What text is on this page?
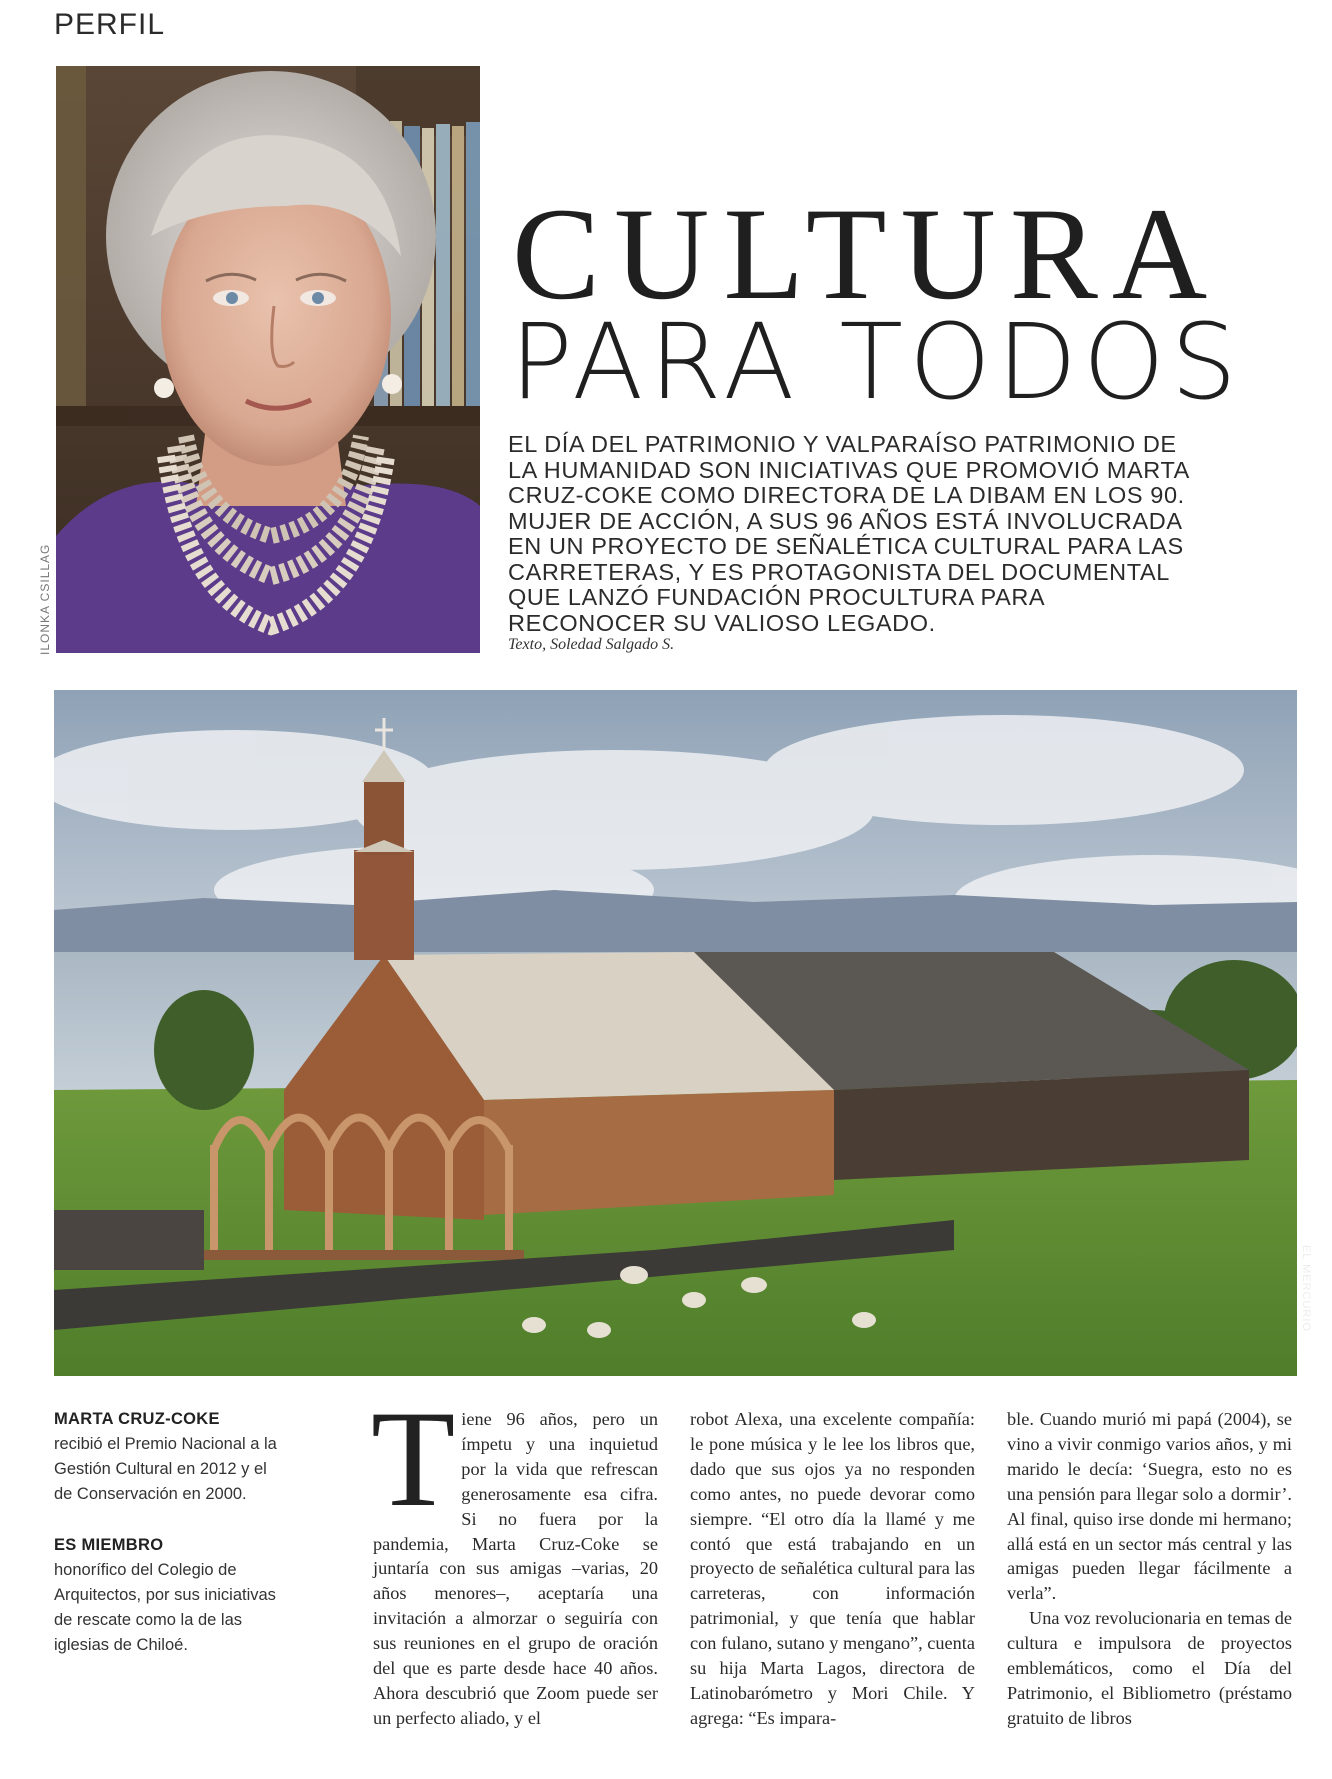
PERFIL
ILONKA CSILLAG
CULTURA
PARA TODOS
EL DÍA DEL PATRIMONIO Y VALPARAÍSO PATRIMONIO DE LA HUMANIDAD SON INICIATIVAS QUE PROMOVIÓ MARTA CRUZ-COKE COMO DIRECTORA DE LA DIBAM EN LOS 90. MUJER DE ACCIÓN, A SUS 96 AÑOS ESTÁ INVOLUCRADA EN UN PROYECTO DE SEÑALÉTICA CULTURAL PARA LAS CARRETERAS, Y ES PROTAGONISTA DEL DOCUMENTAL QUE LANZÓ FUNDACIÓN PROCULTURA PARA RECONOCER SU VALIOSO LEGADO.
Texto, Soledad Salgado S.
EL MERCURIO

MARTA CRUZ-COKE
recibió el Premio Nacional a la Gestión Cultural en 2012 y el de Conservación en 2000.

ES MIEMBRO
honorífico del Colegio de Arquitectos, por sus iniciativas de rescate como la de las iglesias de Chiloé.

T iene 96 años, pero un ímpetu y una inquietud por la vida que refrescan generosamente esa cifra. Si no fuera por la pandemia, Marta Cruz-Coke se juntaría con sus amigas –varias, 20 años menores–, aceptaría una invitación a almorzar o seguiría con sus reuniones en el grupo de oración del que es parte desde hace 40 años. Ahora descubrió que Zoom puede ser un perfecto aliado, y el

robot Alexa, una excelente compañía: le pone música y le lee los libros que, dado que sus ojos ya no responden como antes, no puede devorar como siempre. “El otro día la llamé y me contó que está trabajando en un proyecto de señalética cultural para las carreteras, con información patrimonial, y que tenía que hablar con fulano, sutano y mengano”, cuenta su hija Marta Lagos, directora de Latinobarómetro y Mori Chile. Y agrega: “Es impara-

ble. Cuando murió mi papá (2004), se vino a vivir conmigo varios años, y mi marido le decía: ‘Suegra, esto no es una pensión para llegar solo a dormir’. Al final, quiso irse donde mi hermano; allá está en un sector más central y las amigas pueden llegar fácilmente a verla”.

Una voz revolucionaria en temas de cultura e impulsora de proyectos emblemáticos, como el Día del Patrimonio, el Bibliometro (préstamo gratuito de libros
